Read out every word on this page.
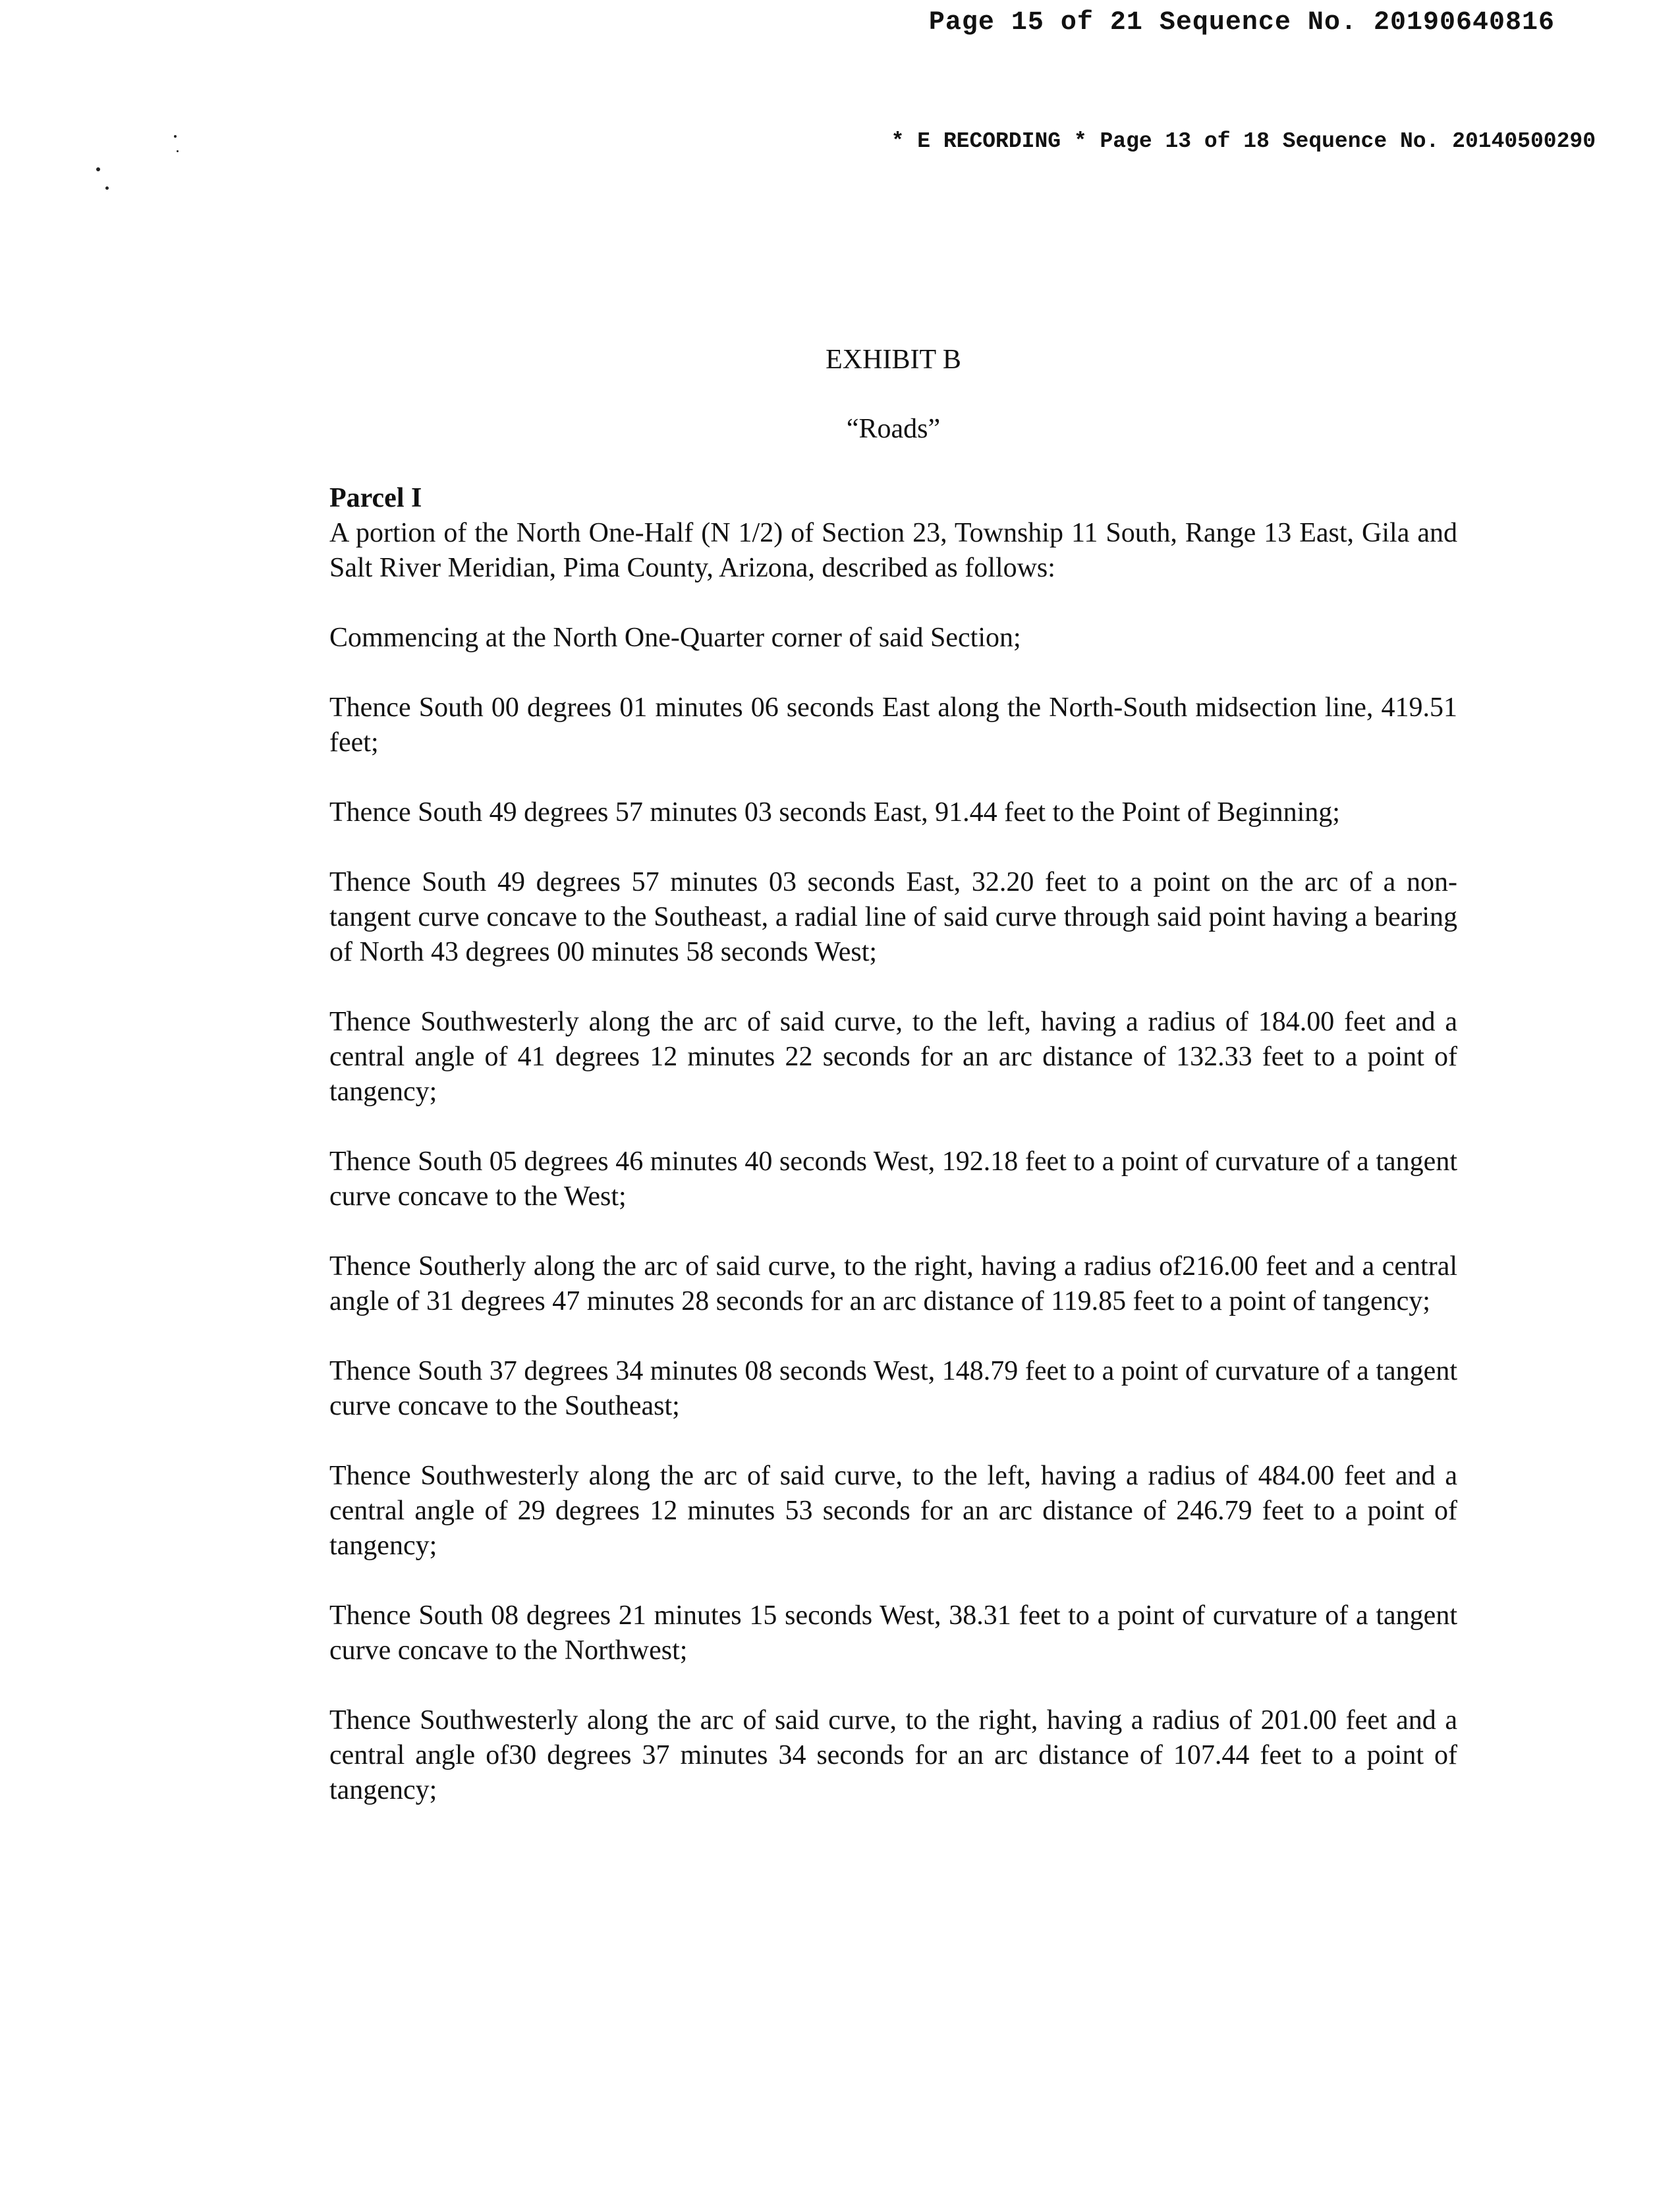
Page 15 of 21 Sequence No. 20190640816
* E RECORDING * Page 13 of 18 Sequence No. 20140500290

EXHIBIT B

“Roads”

Parcel I

A portion of the North One-Half (N 1/2) of Section 23, Township 11 South, Range 13 East, Gila and Salt River Meridian, Pima County, Arizona, described as follows:

Commencing at the North One-Quarter corner of said Section;

Thence South 00 degrees 01 minutes 06 seconds East along the North-South midsection line, 419.51 feet;

Thence South 49 degrees 57 minutes 03 seconds East, 91.44 feet to the Point of Beginning;

Thence South 49 degrees 57 minutes 03 seconds East, 32.20 feet to a point on the arc of a non-tangent curve concave to the Southeast, a radial line of said curve through said point having a bearing of North 43 degrees 00 minutes 58 seconds West;

Thence Southwesterly along the arc of said curve, to the left, having a radius of 184.00 feet and a central angle of 41 degrees 12 minutes 22 seconds for an arc distance of 132.33 feet to a point of tangency;

Thence South 05 degrees 46 minutes 40 seconds West, 192.18 feet to a point of curvature of a tangent curve concave to the West;

Thence Southerly along the arc of said curve, to the right, having a radius of216.00 feet and a central angle of 31 degrees 47 minutes 28 seconds for an arc distance of 119.85 feet to a point of tangency;

Thence South 37 degrees 34 minutes 08 seconds West, 148.79 feet to a point of curvature of a tangent curve concave to the Southeast;

Thence Southwesterly along the arc of said curve, to the left, having a radius of 484.00 feet and a central angle of 29 degrees 12 minutes 53 seconds for an arc distance of 246.79 feet to a point of tangency;

Thence South 08 degrees 21 minutes 15 seconds West, 38.31 feet to a point of curvature of a tangent curve concave to the Northwest;

Thence Southwesterly along the arc of said curve, to the right, having a radius of 201.00 feet and a central angle of30 degrees 37 minutes 34 seconds for an arc distance of 107.44 feet to a point of tangency;
